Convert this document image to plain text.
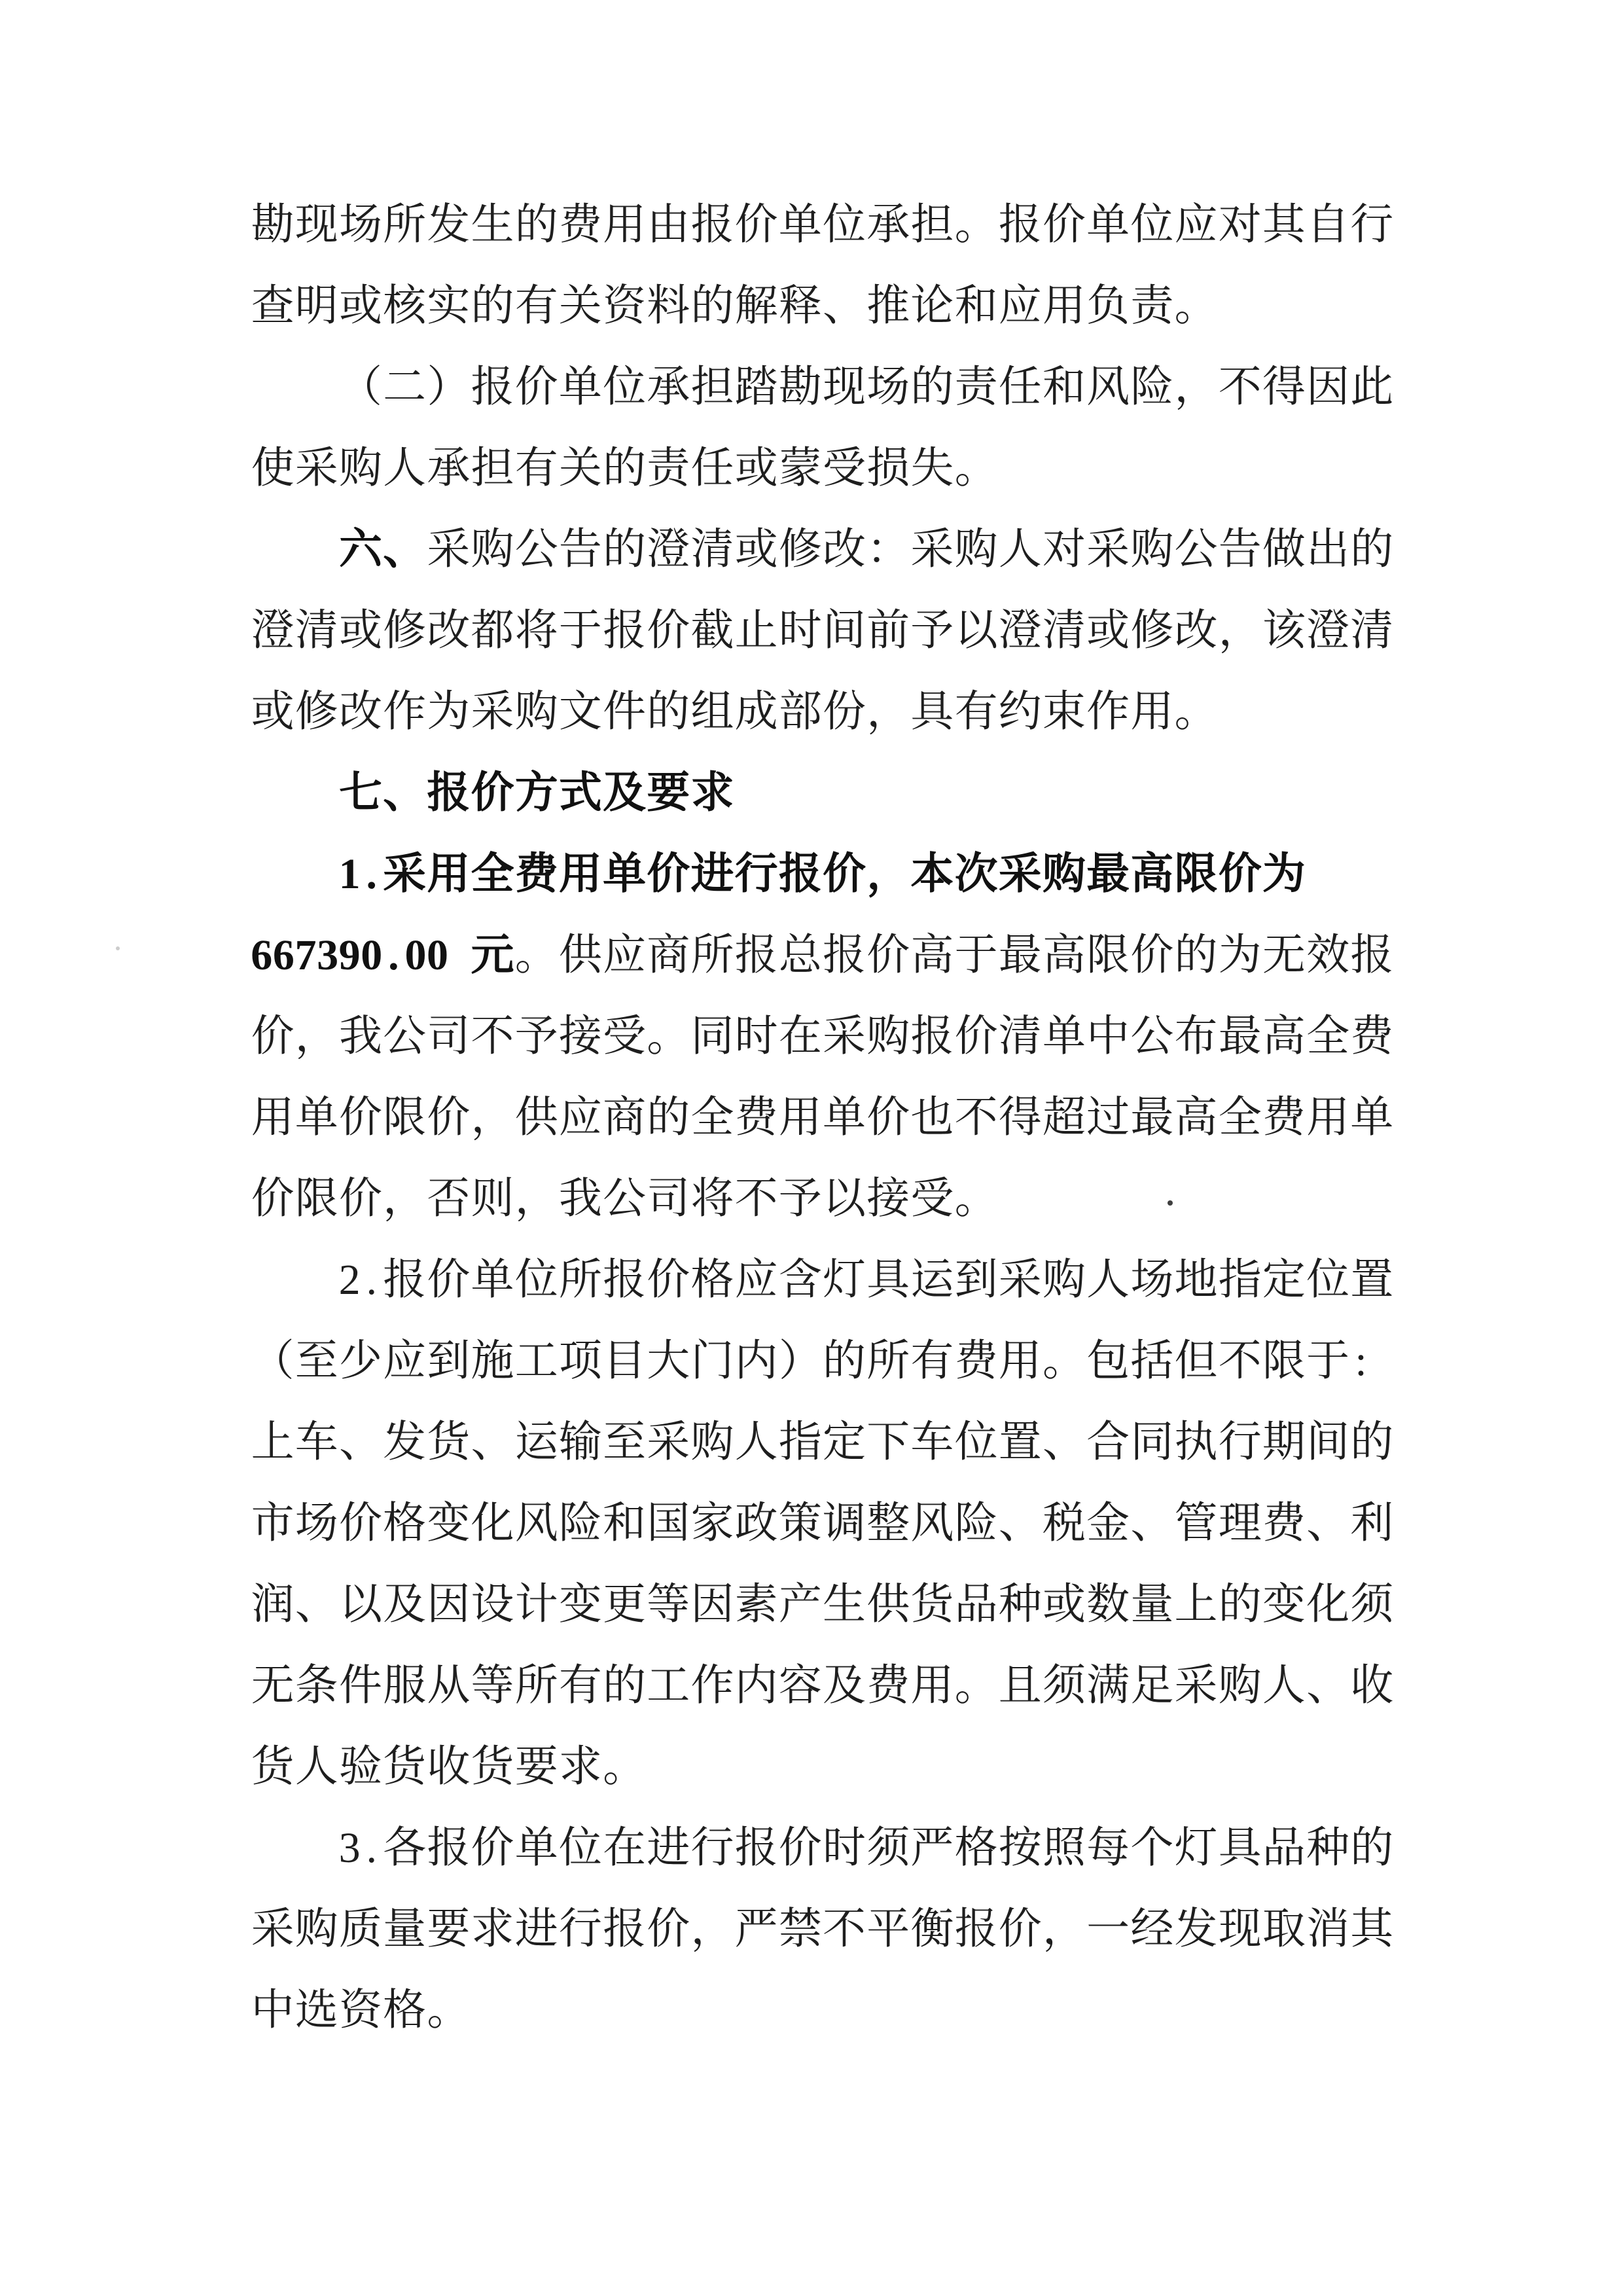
勘 现 场 所 发 生 的 费 用 由 报 价 单 位 承 担 。 报 价 单 位 应 对 其 自 行
查 明 或 核 实 的 有 关 资 料 的 解 释 、 推 论 和 应 用 负 责 。

（ 二 ） 报 价 单 位 承 担 踏 勘 现 场 的 责 任 和 风 险 ， 不 得 因 此
使 采 购 人 承 担 有 关 的 责 任 或 蒙 受 损 失 。

六 、 采 购 公 告 的 澄 清 或 修 改 ： 采 购 人 对 采 购 公 告 做 出 的
澄 清 或 修 改 都 将 于 报 价 截 止 时 间 前 予 以 澄 清 或 修 改 ， 该 澄 清
或 修 改 作 为 采 购 文 件 的 组 成 部 份 ， 具 有 约 束 作 用 。

七 、 报 价 方 式 及 要 求

1 . 采 用 全 费 用 单 价 进 行 报 价 ， 本 次 采 购 最 高 限 价 为
6 6 7 3 9 0 . 0 0
元 。 供 应 商 所 报 总 报 价 高 于 最 高 限 价 的 为 无 效 报
价 ， 我 公 司 不 予 接 受 。 同 时 在 采 购 报 价 清 单 中 公 布 最 高 全 费
用 单 价 限 价 ， 供 应 商 的 全 费 用 单 价 也 不 得 超 过 最 高 全 费 用 单
价 限 价 ， 否 则 ， 我 公 司 将 不 予 以 接 受 。

2 . 报 价 单 位 所 报 价 格 应 含 灯 具 运 到 采 购 人 场 地 指 定 位 置
（ 至 少 应 到 施 工 项 目 大 门 内 ） 的 所 有 费 用 。 包 括 但 不 限 于 :
上 车 、 发 货 、 运 输 至 采 购 人 指 定 下 车 位 置 、 合 同 执 行 期 间 的
市 场 价 格 变 化 风 险 和 国 家 政 策 调 整 风 险 、 税 金 、 管 理 费 、 利
润 、 以 及 因 设 计 变 更 等 因 素 产 生 供 货 品 种 或 数 量 上 的 变 化 须
无 条 件 服 从 等 所 有 的 工 作 内 容 及 费 用 。 且 须 满 足 采 购 人 、 收
货 人 验 货 收 货 要 求 。

3 . 各 报 价 单 位 在 进 行 报 价 时 须 严 格 按 照 每 个 灯 具 品 种 的
采 购 质 量 要 求 进 行 报 价 ， 严 禁 不 平 衡 报 价 ， 一 经 发 现 取 消 其
中 选 资 格 。
